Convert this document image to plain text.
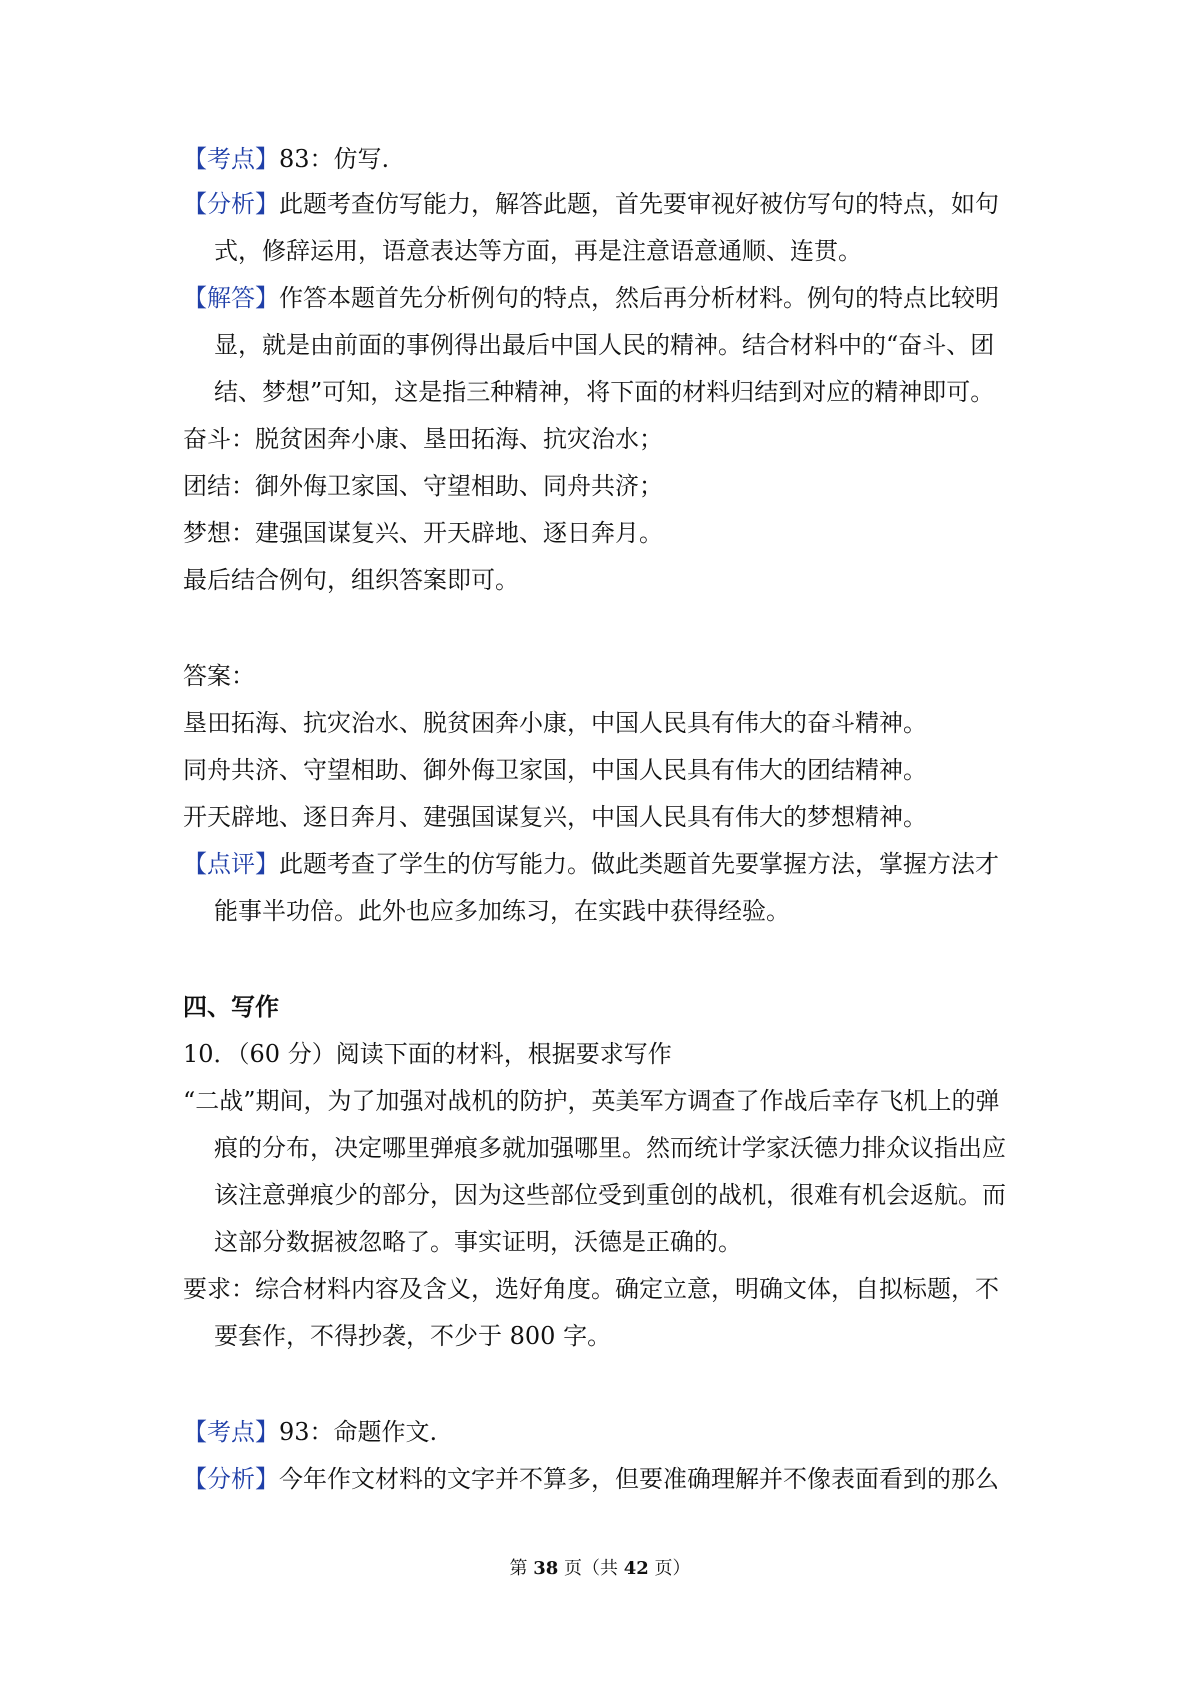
【考点】83：仿写.

【分析】此题考查仿写能力，解答此题，首先要审视好被仿写句的特点，如句

式，修辞运用，语意表达等方面，再是注意语意通顺、连贯。

【解答】作答本题首先分析例句的特点，然后再分析材料。例句的特点比较明

显，就是由前面的事例得出最后中国人民的精神。结合材料中的“奋斗、团

结、梦想”可知，这是指三种精神，将下面的材料归结到对应的精神即可。

奋斗：脱贫困奔小康、垦田拓海、抗灾治水；

团结：御外侮卫家国、守望相助、同舟共济；

梦想：建强国谋复兴、开天辟地、逐日奔月。

最后结合例句，组织答案即可。

答案：

垦田拓海、抗灾治水、脱贫困奔小康，中国人民具有伟大的奋斗精神。

同舟共济、守望相助、御外侮卫家国，中国人民具有伟大的团结精神。

开天辟地、逐日奔月、建强国谋复兴，中国人民具有伟大的梦想精神。

【点评】此题考查了学生的仿写能力。做此类题首先要掌握方法，掌握方法才

能事半功倍。此外也应多加练习，在实践中获得经验。

四、写作

10．（60 分）阅读下面的材料，根据要求写作

“二战”期间，为了加强对战机的防护，英美军方调查了作战后幸存飞机上的弹

痕的分布，决定哪里弹痕多就加强哪里。然而统计学家沃德力排众议指出应

该注意弹痕少的部分，因为这些部位受到重创的战机，很难有机会返航。而

这部分数据被忽略了。事实证明，沃德是正确的。

要求：综合材料内容及含义，选好角度。确定立意，明确文体，自拟标题，不

要套作，不得抄袭，不少于 800 字。

【考点】93：命题作文.

【分析】今年作文材料的文字并不算多，但要准确理解并不像表面看到的那么

第 38 页（共 42 页）
